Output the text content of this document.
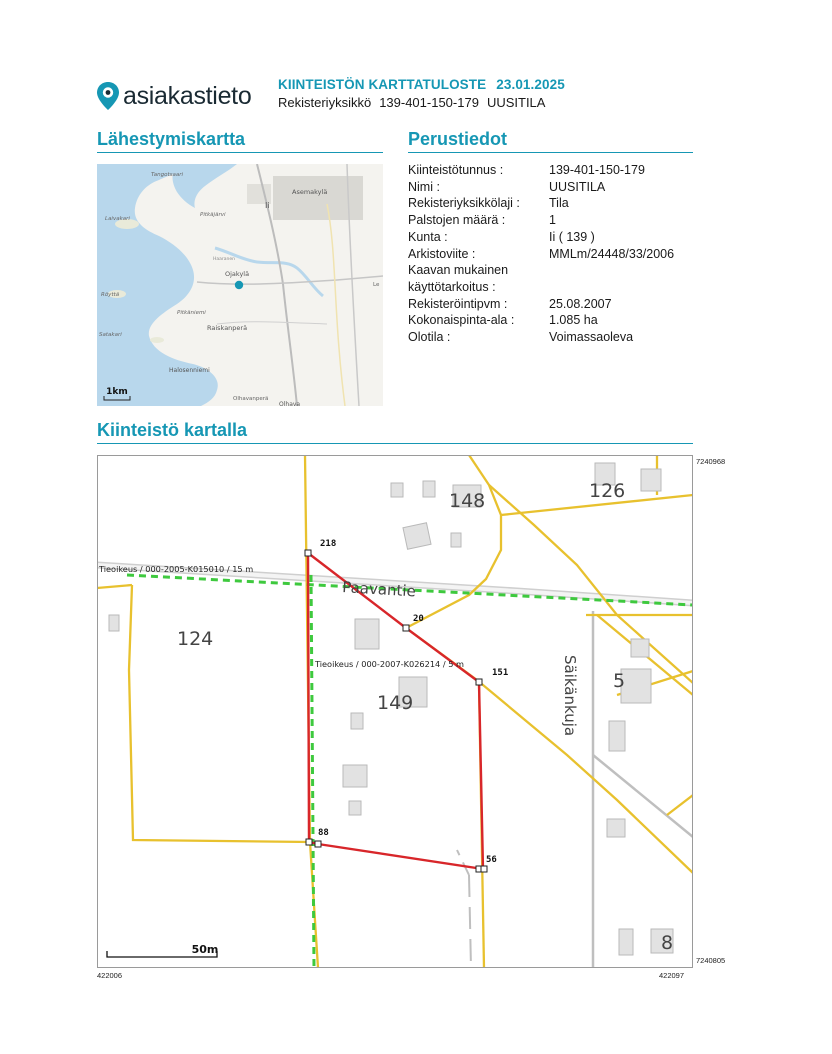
asiakastieto KIINTEISTÖN KARTTATULOSTE 23.01.2025
Rekisteriyksikkö 139-401-150-179 UUSITILA
Lähestymiskartta	Perustiedot
Kiinteistö kartalla
Tangotsaari
Asemakylä
Pitkäjärvi
Ii
Laivakari
Haaranen
Ojakylä
Röyttä
Pitkäniemi
Raiskanperä
Satakari
Halosenniemi
Olhavanperä
Olhava
Le
1km
Kiinteistötunnus :	139-401-150-179
Nimi :	UUSITILA
Rekisteriyksikkölaji :	Tila
Palstojen määrä :	1
Kunta :	Ii ( 139 )
Arkistoviite :	MMLm/24448/33/2006
Kaavan mukainen
käyttötarkoitus :
Rekisteröintipvm :	25.08.2007
Kokonaispinta-ala :	1.085 ha
Olotila :	Voimassaoleva
148	126
124
149
5
8
Paavantie
Säikänkuja
Tieoikeus / 000-2005-K015010 / 15 m
Tieoikeus / 000-2007-K026214 / 5 m
218
20
151
88
56
50m
7240968
7240805
422006	422097
